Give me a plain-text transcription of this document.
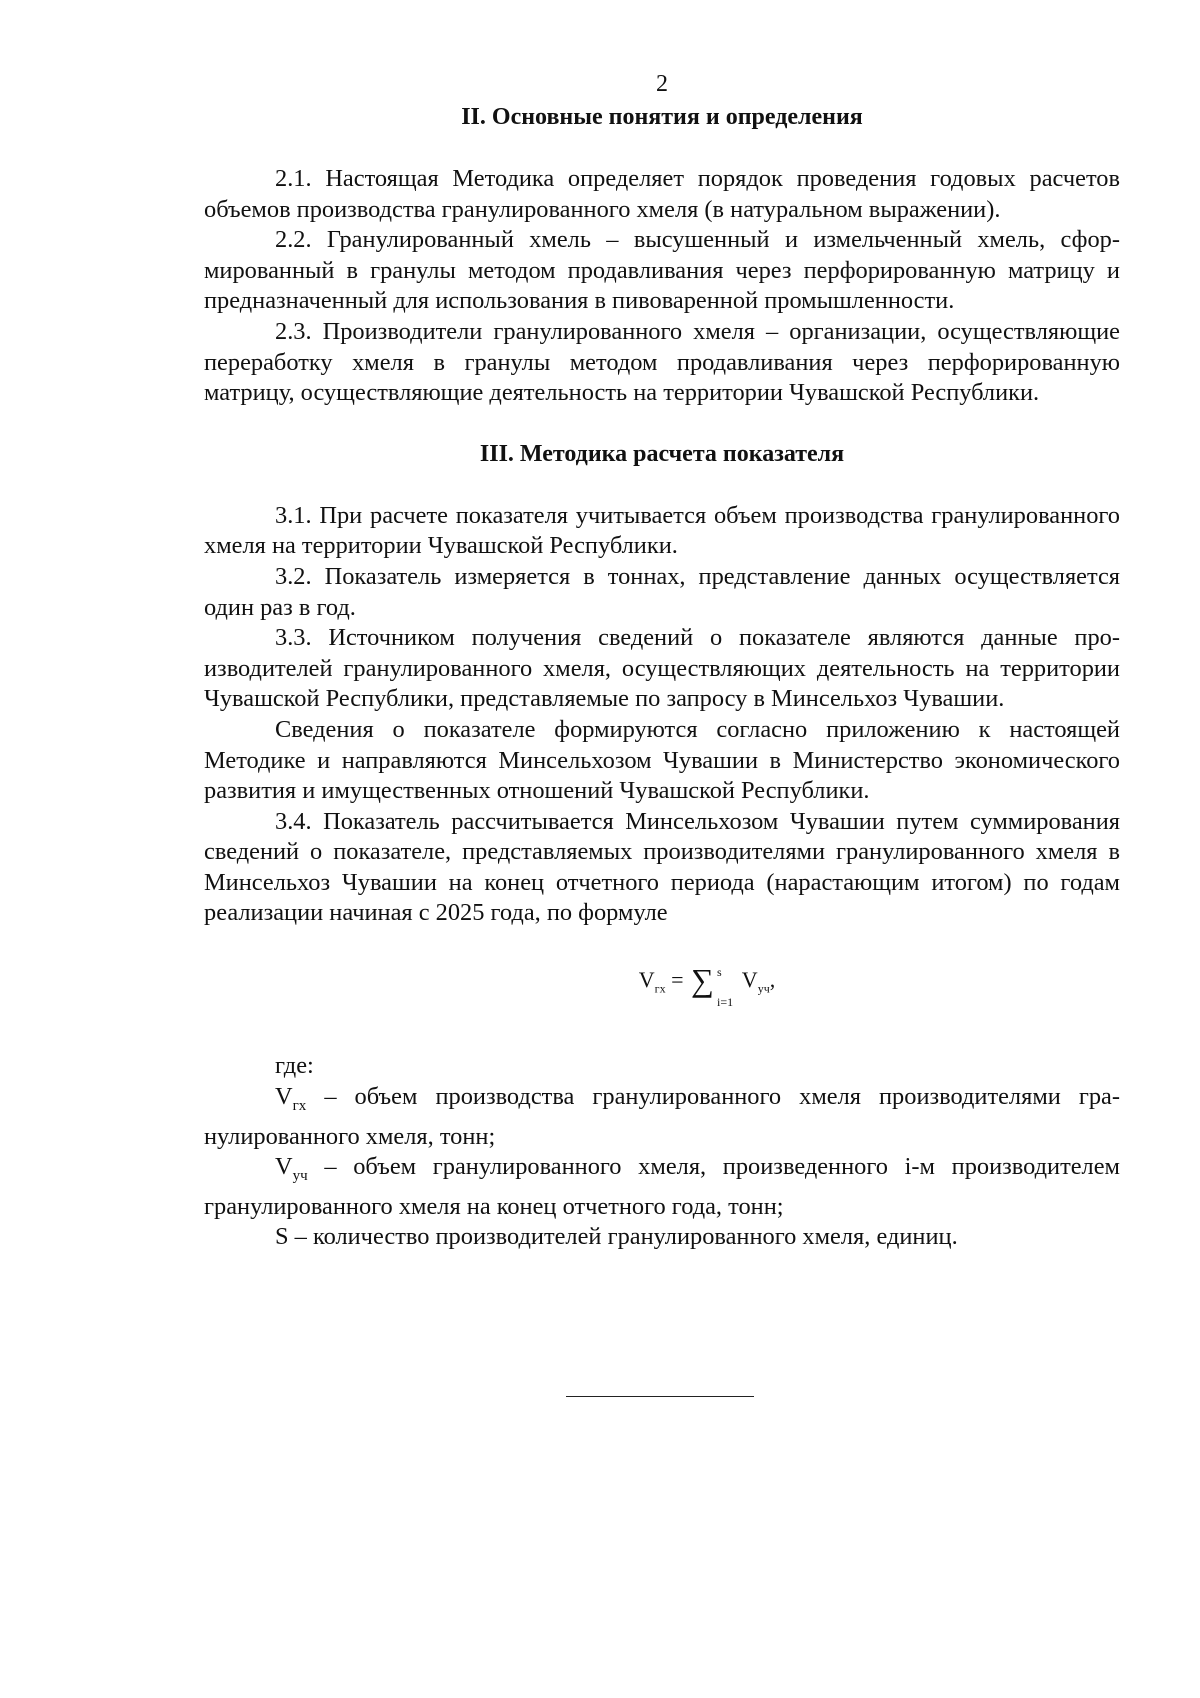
2

II. Основные понятия и определения

2.1. Настоящая Методика определяет порядок проведения годовых расчетов объемов производства гранулированного хмеля (в натуральном выражении).

2.2. Гранулированный хмель – высушенный и измельченный хмель, сформированный в гранулы методом продавливания через перфорированную матрицу и предназначенный для использования в пивоваренной промышленности.

2.3. Производители гранулированного хмеля – организации, осуществляющие переработку хмеля в гранулы методом продавливания через перфорированную матрицу, осуществляющие деятельность на территории Чувашской Республики.

III. Методика расчета показателя

3.1. При расчете показателя учитывается объем производства гранулированного хмеля на территории Чувашской Республики.

3.2. Показатель измеряется в тоннах, представление данных осуществляется один раз в год.

3.3. Источником получения сведений о показателе являются данные производителей гранулированного хмеля, осуществляющих деятельность на территории Чувашской Республики, представляемые по запросу в Минсельхоз Чувашии.

Сведения о показателе формируются согласно приложению к настоящей Методике и направляются Минсельхозом Чувашии в Министерство экономического развития и имущественных отношений Чувашской Республики.

3.4. Показатель рассчитывается Минсельхозом Чувашии путем суммирования сведений о показателе, представляемых производителями гранулированного хмеля в Минсельхоз Чувашии на конец отчетного периода (нарастающим итогом) по годам реализации начиная с 2025 года, по формуле

$V_{гх}$ = ∑ s
i=1
$V_{уч}$,

где:

$V_{гх}$ – объем производства гранулированного хмеля производителями гранулированного хмеля, тонн;

$V_{уч}$ – объем гранулированного хмеля, произведенного i-м производителем гранулированного хмеля на конец отчетного года, тонн;

S – количество производителей гранулированного хмеля, единиц.
